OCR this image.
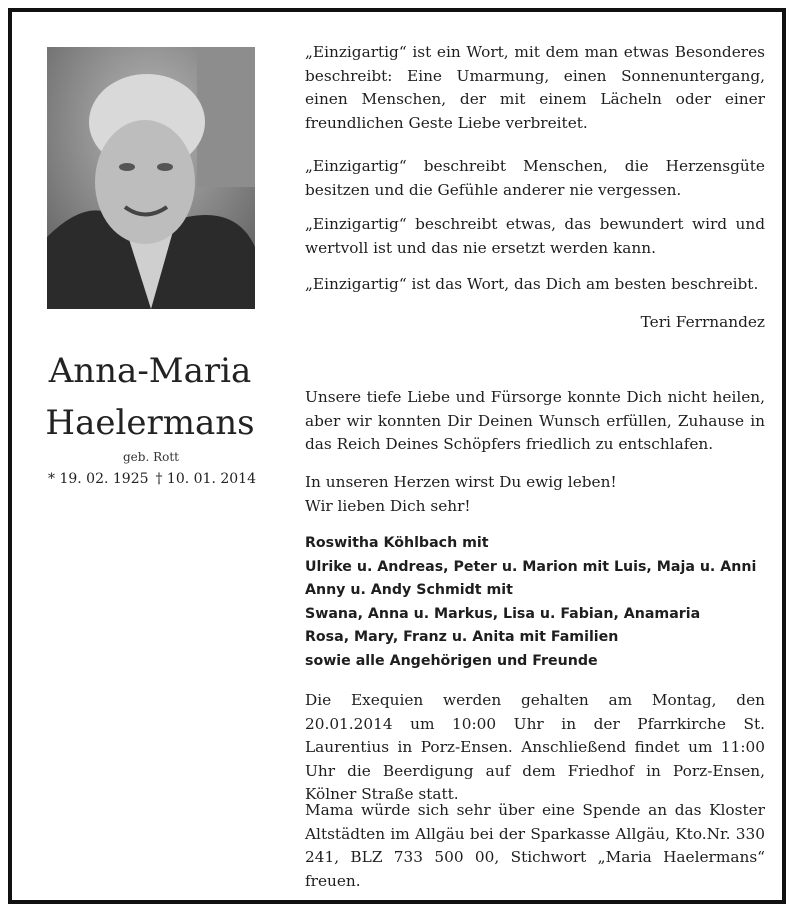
Anna-Maria
Haelermans
geb. Rott
* 19. 02. 1925 † 10. 01. 2014

„Einzigartig“ ist ein Wort, mit dem man etwas Besonderes beschreibt: Eine Umarmung, einen Sonnenuntergang, einen Menschen, der mit einem Lächeln oder einer freundlichen Geste Liebe verbreitet.

„Einzigartig“ beschreibt Menschen, die Herzensgüte besitzen und die Gefühle anderer nie vergessen.

„Einzigartig“ beschreibt etwas, das bewundert wird und wertvoll ist und das nie ersetzt werden kann.

„Einzigartig“ ist das Wort, das Dich am besten beschreibt.

Teri Ferrnandez

Unsere tiefe Liebe und Fürsorge konnte Dich nicht heilen, aber wir konnten Dir Deinen Wunsch erfüllen, Zuhause in das Reich Deines Schöpfers friedlich zu entschlafen.

In unseren Herzen wirst Du ewig leben!

Wir lieben Dich sehr!

Roswitha Köhlbach mit

Ulrike u. Andreas, Peter u. Marion mit Luis, Maja u. Anni

Anny u. Andy Schmidt mit

Swana, Anna u. Markus, Lisa u. Fabian, Anamaria

Rosa, Mary, Franz u. Anita mit Familien

sowie alle Angehörigen und Freunde

Die Exequien werden gehalten am Montag, den 20.01.2014 um 10:00 Uhr in der Pfarrkirche St. Laurentius in Porz-Ensen. Anschließend findet um 11:00 Uhr die Beerdigung auf dem Friedhof in Porz-Ensen, Kölner Straße statt.

Mama würde sich sehr über eine Spende an das Kloster Altstädten im Allgäu bei der Sparkasse Allgäu, Kto.Nr. 330 241, BLZ 733 500 00, Stichwort „Maria Haelermans“ freuen.
